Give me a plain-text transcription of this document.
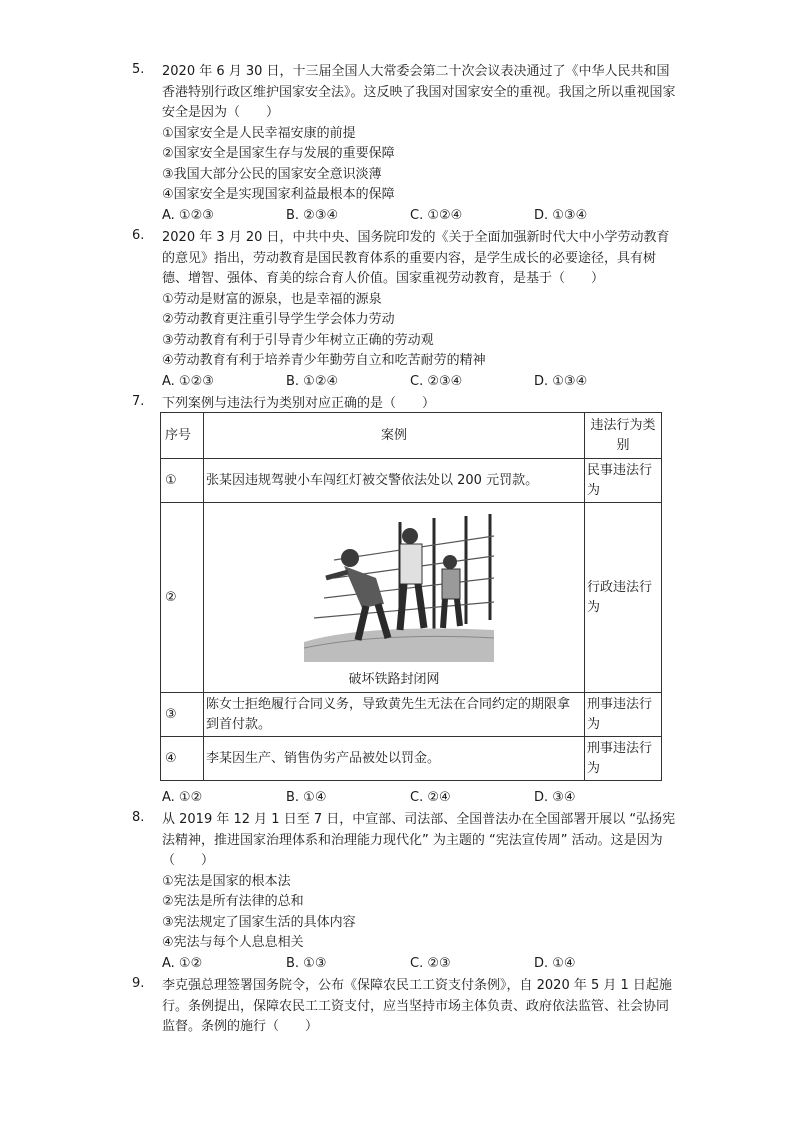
5.	2020 年 6 月 30 日，十三届全国人大常委会第二十次会议表决通过了《中华人民共和国香港特别行政区维护国家安全法》。这反映了我国对国家安全的重视。我国之所以重视国家安全是因为（　　）
①国家安全是人民幸福安康的前提
②国家安全是国家生存与发展的重要保障
③我国大部分公民的国家安全意识淡薄
④国家安全是实现国家利益最根本的保障
A. ①②③	B. ②③④	C. ①②④	D. ①③④
6.	2020 年 3 月 20 日，中共中央、国务院印发的《关于全面加强新时代大中小学劳动教育的意见》指出，劳动教育是国民教育体系的重要内容，是学生成长的必要途径，具有树德、增智、强体、育美的综合育人价值。国家重视劳动教育，是基于（　　）
①劳动是财富的源泉，也是幸福的源泉
②劳动教育更注重引导学生学会体力劳动
③劳动教育有利于引导青少年树立正确的劳动观
④劳动教育有利于培养青少年勤劳自立和吃苦耐劳的精神
A. ①②③	B. ①②④	C. ②③④	D. ①③④
7.	下列案例与违法行为类别对应正确的是（　　）
序号	案例	违法行为类别
①	张某因违规驾驶小车闯红灯被交警依法处以 200 元罚款。	民事违法行为
②	破坏铁路封闭网	行政违法行为
③	陈女士拒绝履行合同义务，导致黄先生无法在合同约定的期限拿到首付款。	刑事违法行为
④	李某因生产、销售伪劣产品被处以罚金。	刑事违法行为
A. ①②	B. ①④	C. ②④	D. ③④
8.	从 2019 年 12 月 1 日至 7 日，中宣部、司法部、全国普法办在全国部署开展以 “弘扬宪法精神，推进国家治理体系和治理能力现代化” 为主题的 “宪法宣传周” 活动。这是因为（　　）
①宪法是国家的根本法
②宪法是所有法律的总和
③宪法规定了国家生活的具体内容
④宪法与每个人息息相关
A. ①②	B. ①③	C. ②③	D. ①④
9.	李克强总理签署国务院令，公布《保障农民工工资支付条例》，自 2020 年 5 月 1 日起施行。条例提出，保障农民工工资支付，应当坚持市场主体负责、政府依法监管、社会协同监督。条例的施行（　　）
